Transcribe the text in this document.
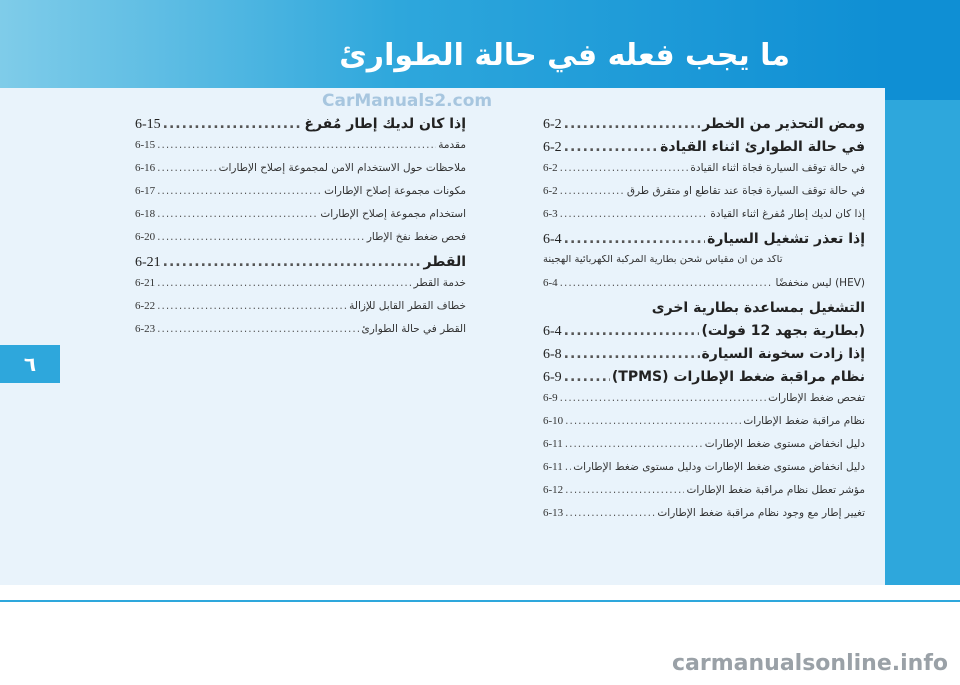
ما يجب فعله في حالة الطوارئ
٦
CarManuals2.com
carmanualsonline.info
ومض التحذير من الخطر
.....
6-2
في حالة الطوارئ أثناء القيادة
.....
6-2
في حالة توقف السيارة فجأة أثناء القيادة
.....
6-2
في حالة توقف السيارة فجأة عند تقاطع أو متقرق طرق
.....
6-2
إذا كان لديك إطار مُفرغ أثناء القيادة
.....
6-3
إذا تعذر تشغيل السيارة
.....
6-4
تأكد من أن مقياس شحن بطارية المركبة الكهربائية الهجينة
(HEV) ليس منخفضًا
.....
6-4
التشغيل بمساعدة بطارية أخرى
(بطارية بجهد 12 فولت)
.....
6-4
إذا زادت سخونة السيارة
.....
6-8
نظام مراقبة ضغط الإطارات (TPMS)
.....
6-9
تفحص ضغط الإطارات
.....
6-9
نظام مراقبة ضغط الإطارات
.....
6-10
دليل انخفاض مستوى ضغط الإطارات
.....
6-11
دليل انخفاض مستوى ضغط الإطارات ودليل مستوى ضغط الإطارات
.....
6-11
مؤشر تعطل نظام مراقبة ضغط الإطارات
.....
6-12
تغيير إطار مع وجود نظام مراقبة ضغط الإطارات
.....
6-13
إذا كان لديك إطار مُفرغ
.....
6-15
مقدمة
.....
6-15
ملاحظات حول الاستخدام الآمن لمجموعة إصلاح الإطارات
.....
6-16
مكونات مجموعة إصلاح الإطارات
.....
6-17
استخدام مجموعة إصلاح الإطارات
.....
6-18
فحص ضغط نفخ الإطار
.....
6-20
القطر
.....
6-21
خدمة القطر
.....
6-21
خطاف القطر القابل للإزالة
.....
6-22
القطر في حالة الطوارئ
.....
6-23
